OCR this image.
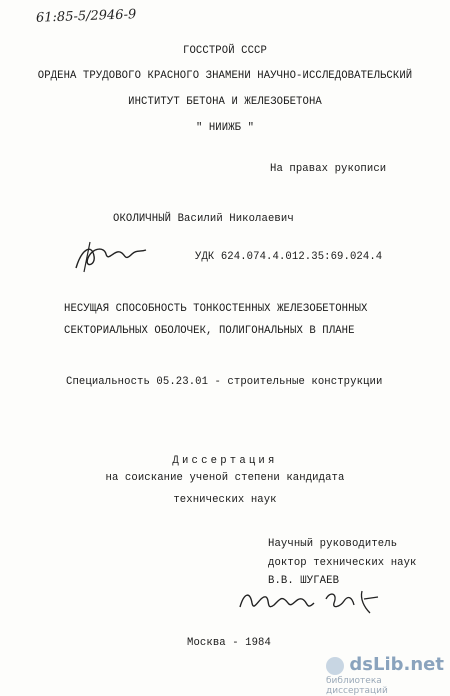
61:85-5/2946-9
ГОССТРОЙ СССР
ОРДЕНА ТРУДОВОГО КРАСНОГО ЗНАМЕНИ НАУЧНО-ИССЛЕДОВАТЕЛЬСКИЙ
ИНСТИТУТ БЕТОНА И ЖЕЛЕЗОБЕТОНА
" НИИЖБ "
На правах рукописи
ОКОЛИЧНЫЙ Василий Николаевич
УДК 624.074.4.012.35:69.024.4
НЕСУЩАЯ СПОСОБНОСТЬ ТОНКОСТЕННЫХ ЖЕЛЕЗОБЕТОННЫХ
СЕКТОРИАЛЬНЫХ ОБОЛОЧЕК, ПОЛИГОНАЛЬНЫХ В ПЛАНЕ
Специальность 05.23.01 - строительные конструкции
Диссертация
на соискание ученой степени кандидата
технических наук
Научный руководитель
доктор технических наук
В.В. ШУГАЕВ
Москва - 1984
dsLib.net
библиотека диссертаций
